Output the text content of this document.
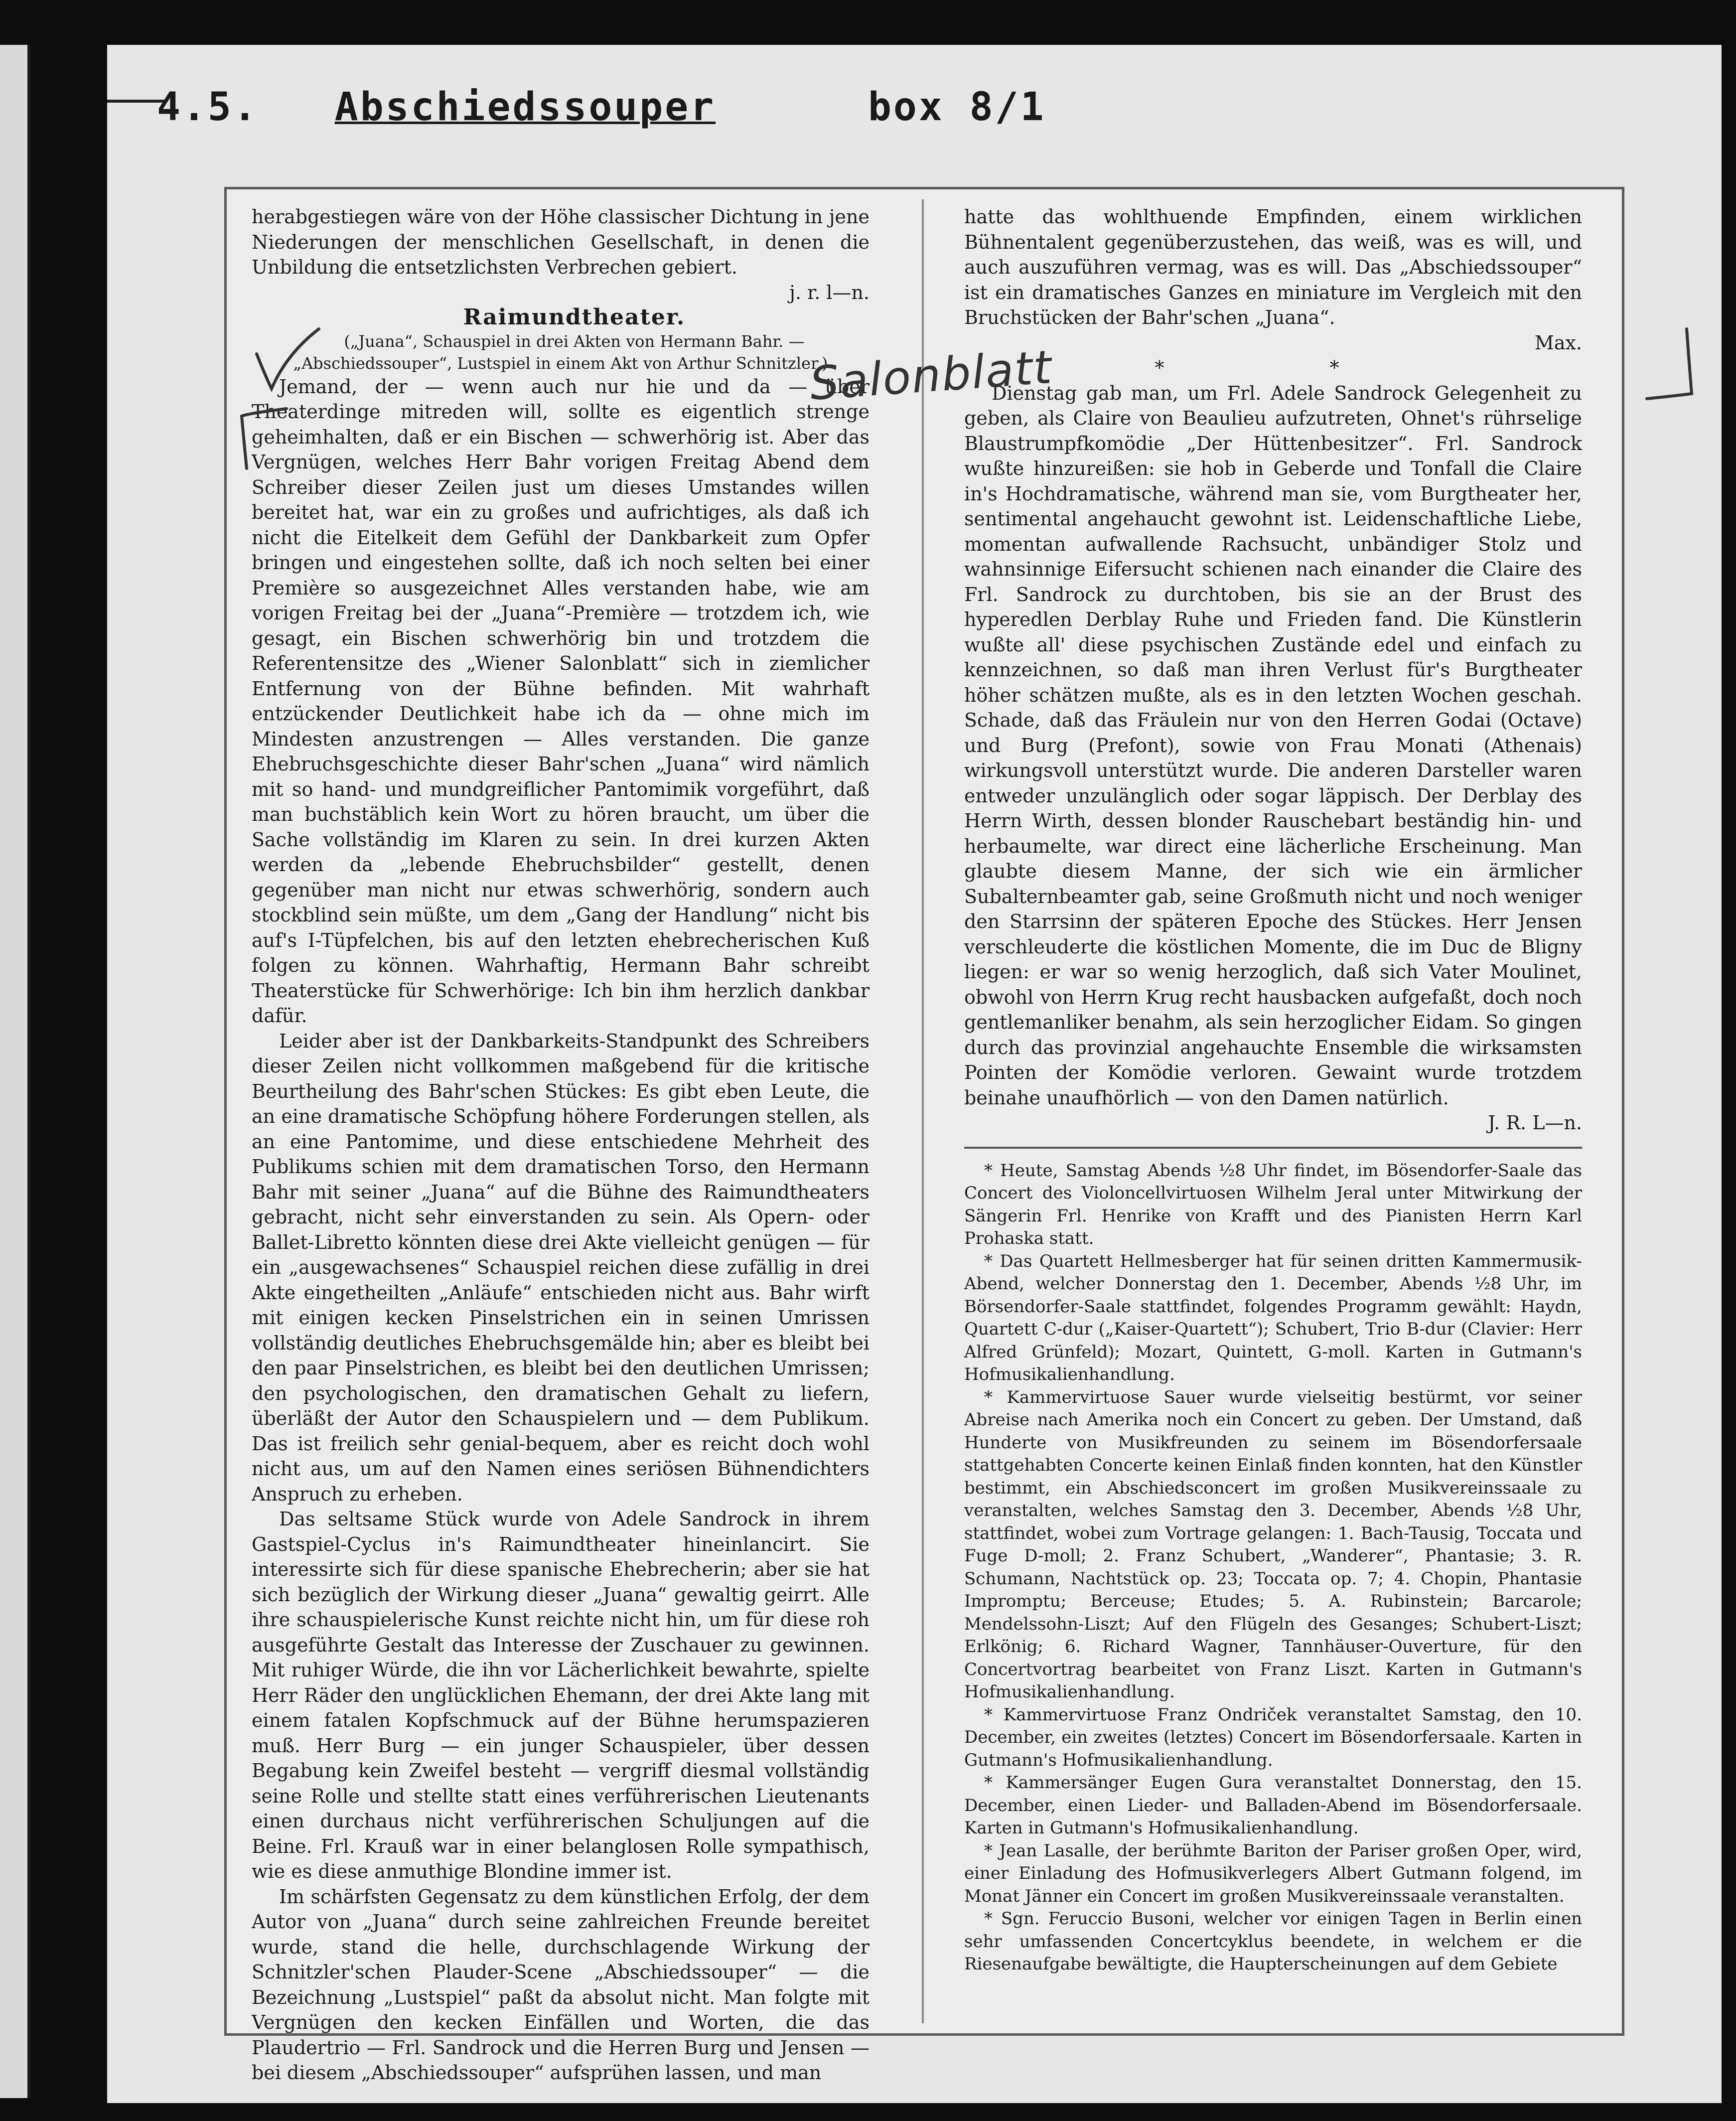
4.5. Abschiedssouper	box 8/1

herabgestiegen wäre von der Höhe classischer Dichtung in jene Niederungen der menschlichen Gesellschaft, in denen die Unbildung die entsetzlichsten Verbrechen gebiert.

j. r. l—n.

Raimundtheater.

(„Juana“, Schauspiel in drei Akten von Hermann Bahr. — „Abschiedssouper“, Lustspiel in einem Akt von Arthur Schnitzler.)

Jemand, der — wenn auch nur hie und da — über Theaterdinge mitreden will, sollte es eigentlich strenge geheimhalten, daß er ein Bischen — schwerhörig ist. Aber das Vergnügen, welches Herr Bahr vorigen Freitag Abend dem Schreiber dieser Zeilen just um dieses Umstandes willen bereitet hat, war ein zu großes und aufrichtiges, als daß ich nicht die Eitelkeit dem Gefühl der Dankbarkeit zum Opfer bringen und eingestehen sollte, daß ich noch selten bei einer Première so ausgezeichnet Alles verstanden habe, wie am vorigen Freitag bei der „Juana“-Première — trotzdem ich, wie gesagt, ein Bischen schwerhörig bin und trotzdem die Referentensitze des „Wiener Salonblatt“ sich in ziemlicher Entfernung von der Bühne befinden. Mit wahrhaft entzückender Deutlichkeit habe ich da — ohne mich im Mindesten anzustrengen — Alles verstanden. Die ganze Ehebruchsgeschichte dieser Bahr'schen „Juana“ wird nämlich mit so hand- und mundgreiflicher Pantomimik vorgeführt, daß man buchstäblich kein Wort zu hören braucht, um über die Sache vollständig im Klaren zu sein. In drei kurzen Akten werden da „lebende Ehebruchsbilder“ gestellt, denen gegenüber man nicht nur etwas schwerhörig, sondern auch stockblind sein müßte, um dem „Gang der Handlung“ nicht bis auf's I-Tüpfelchen, bis auf den letzten ehebrecherischen Kuß folgen zu können. Wahrhaftig, Hermann Bahr schreibt Theaterstücke für Schwerhörige: Ich bin ihm herzlich dankbar dafür.

Leider aber ist der Dankbarkeits-Standpunkt des Schreibers dieser Zeilen nicht vollkommen maßgebend für die kritische Beurtheilung des Bahr'schen Stückes: Es gibt eben Leute, die an eine dramatische Schöpfung höhere Forderungen stellen, als an eine Pantomime, und diese entschiedene Mehrheit des Publikums schien mit dem dramatischen Torso, den Hermann Bahr mit seiner „Juana“ auf die Bühne des Raimundtheaters gebracht, nicht sehr einverstanden zu sein. Als Opern- oder Ballet-Libretto könnten diese drei Akte vielleicht genügen — für ein „ausgewachsenes“ Schauspiel reichen diese zufällig in drei Akte eingetheilten „Anläufe“ entschieden nicht aus. Bahr wirft mit einigen kecken Pinselstrichen ein in seinen Umrissen vollständig deutliches Ehebruchsgemälde hin; aber es bleibt bei den paar Pinselstrichen, es bleibt bei den deutlichen Umrissen; den psychologischen, den dramatischen Gehalt zu liefern, überläßt der Autor den Schauspielern und — dem Publikum. Das ist freilich sehr genial-bequem, aber es reicht doch wohl nicht aus, um auf den Namen eines seriösen Bühnendichters Anspruch zu erheben.

Das seltsame Stück wurde von Adele Sandrock in ihrem Gastspiel-Cyclus in's Raimundtheater hineinlancirt. Sie interessirte sich für diese spanische Ehebrecherin; aber sie hat sich bezüglich der Wirkung dieser „Juana“ gewaltig geirrt. Alle ihre schauspielerische Kunst reichte nicht hin, um für diese roh ausgeführte Gestalt das Interesse der Zuschauer zu gewinnen. Mit ruhiger Würde, die ihn vor Lächerlichkeit bewahrte, spielte Herr Räder den unglücklichen Ehemann, der drei Akte lang mit einem fatalen Kopfschmuck auf der Bühne herumspazieren muß. Herr Burg — ein junger Schauspieler, über dessen Begabung kein Zweifel besteht — vergriff diesmal vollständig seine Rolle und stellte statt eines verführerischen Lieutenants einen durchaus nicht verführerischen Schuljungen auf die Beine. Frl. Krauß war in einer belanglosen Rolle sympathisch, wie es diese anmuthige Blondine immer ist.

Im schärfsten Gegensatz zu dem künstlichen Erfolg, der dem Autor von „Juana“ durch seine zahlreichen Freunde bereitet wurde, stand die helle, durchschlagende Wirkung der Schnitzler'schen Plauder-Scene „Abschiedssouper“ — die Bezeichnung „Lustspiel“ paßt da absolut nicht. Man folgte mit Vergnügen den kecken Einfällen und Worten, die das Plaudertrio — Frl. Sandrock und die Herren Burg und Jensen — bei diesem „Abschiedssouper“ aufsprühen lassen, und man

hatte das wohlthuende Empfinden, einem wirklichen Bühnentalent gegenüberzustehen, das weiß, was es will, und auch auszuführen vermag, was es will. Das „Abschiedssouper“ ist ein dramatisches Ganzes en miniature im Vergleich mit den Bruchstücken der Bahr'schen „Juana“.

Max.

* *

Dienstag gab man, um Frl. Adele Sandrock Gelegenheit zu geben, als Claire von Beaulieu aufzutreten, Ohnet's rührselige Blaustrumpfkomödie „Der Hüttenbesitzer“. Frl. Sandrock wußte hinzureißen: sie hob in Geberde und Tonfall die Claire in's Hochdramatische, während man sie, vom Burgtheater her, sentimental angehaucht gewohnt ist. Leidenschaftliche Liebe, momentan aufwallende Rachsucht, unbändiger Stolz und wahnsinnige Eifersucht schienen nach einander die Claire des Frl. Sandrock zu durchtoben, bis sie an der Brust des hyperedlen Derblay Ruhe und Frieden fand. Die Künstlerin wußte all' diese psychischen Zustände edel und einfach zu kennzeichnen, so daß man ihren Verlust für's Burgtheater höher schätzen mußte, als es in den letzten Wochen geschah. Schade, daß das Fräulein nur von den Herren Godai (Octave) und Burg (Prefont), sowie von Frau Monati (Athenais) wirkungsvoll unterstützt wurde. Die anderen Darsteller waren entweder unzulänglich oder sogar läppisch. Der Derblay des Herrn Wirth, dessen blonder Rauschebart beständig hin- und herbaumelte, war direct eine lächerliche Erscheinung. Man glaubte diesem Manne, der sich wie ein ärmlicher Subalternbeamter gab, seine Großmuth nicht und noch weniger den Starrsinn der späteren Epoche des Stückes. Herr Jensen verschleuderte die köstlichen Momente, die im Duc de Bligny liegen: er war so wenig herzoglich, daß sich Vater Moulinet, obwohl von Herrn Krug recht hausbacken aufgefaßt, doch noch gentlemanliker benahm, als sein herzoglicher Eidam. So gingen durch das provinzial angehauchte Ensemble die wirksamsten Pointen der Komödie verloren. Gewaint wurde trotzdem beinahe unaufhörlich — von den Damen natürlich.

J. R. L—n.

* Heute, Samstag Abends ½8 Uhr findet, im Bösendorfer-Saale das Concert des Violoncellvirtuosen Wilhelm Jeral unter Mitwirkung der Sängerin Frl. Henrike von Krafft und des Pianisten Herrn Karl Prohaska statt.

* Das Quartett Hellmesberger hat für seinen dritten Kammermusik-Abend, welcher Donnerstag den 1. December, Abends ½8 Uhr, im Börsendorfer-Saale stattfindet, folgendes Programm gewählt: Haydn, Quartett C-dur („Kaiser-Quartett“); Schubert, Trio B-dur (Clavier: Herr Alfred Grünfeld); Mozart, Quintett, G-moll. Karten in Gutmann's Hofmusikalienhandlung.

* Kammervirtuose Sauer wurde vielseitig bestürmt, vor seiner Abreise nach Amerika noch ein Concert zu geben. Der Umstand, daß Hunderte von Musikfreunden zu seinem im Bösendorfersaale stattgehabten Concerte keinen Einlaß finden konnten, hat den Künstler bestimmt, ein Abschiedsconcert im großen Musikvereinssaale zu veranstalten, welches Samstag den 3. December, Abends ½8 Uhr, stattfindet, wobei zum Vortrage gelangen: 1. Bach-Tausig, Toccata und Fuge D-moll; 2. Franz Schubert, „Wanderer“, Phantasie; 3. R. Schumann, Nachtstück op. 23; Toccata op. 7; 4. Chopin, Phantasie Impromptu; Berceuse; Etudes; 5. A. Rubinstein; Barcarole; Mendelssohn-Liszt; Auf den Flügeln des Gesanges; Schubert-Liszt; Erlkönig; 6. Richard Wagner, Tannhäuser-Ouverture, für den Concertvortrag bearbeitet von Franz Liszt. Karten in Gutmann's Hofmusikalienhandlung.

* Kammervirtuose Franz Ondriček veranstaltet Samstag, den 10. December, ein zweites (letztes) Concert im Bösendorfersaale. Karten in Gutmann's Hofmusikalienhandlung.

* Kammersänger Eugen Gura veranstaltet Donnerstag, den 15. December, einen Lieder- und Balladen-Abend im Bösendorfersaale. Karten in Gutmann's Hofmusikalienhandlung.

* Jean Lasalle, der berühmte Bariton der Pariser großen Oper, wird, einer Einladung des Hofmusikverlegers Albert Gutmann folgend, im Monat Jänner ein Concert im großen Musikvereinssaale veranstalten.

* Sgn. Feruccio Busoni, welcher vor einigen Tagen in Berlin einen sehr umfassenden Concertcyklus beendete, in welchem er die Riesenaufgabe bewältigte, die Haupterscheinungen auf dem Gebiete

Salonblatt
